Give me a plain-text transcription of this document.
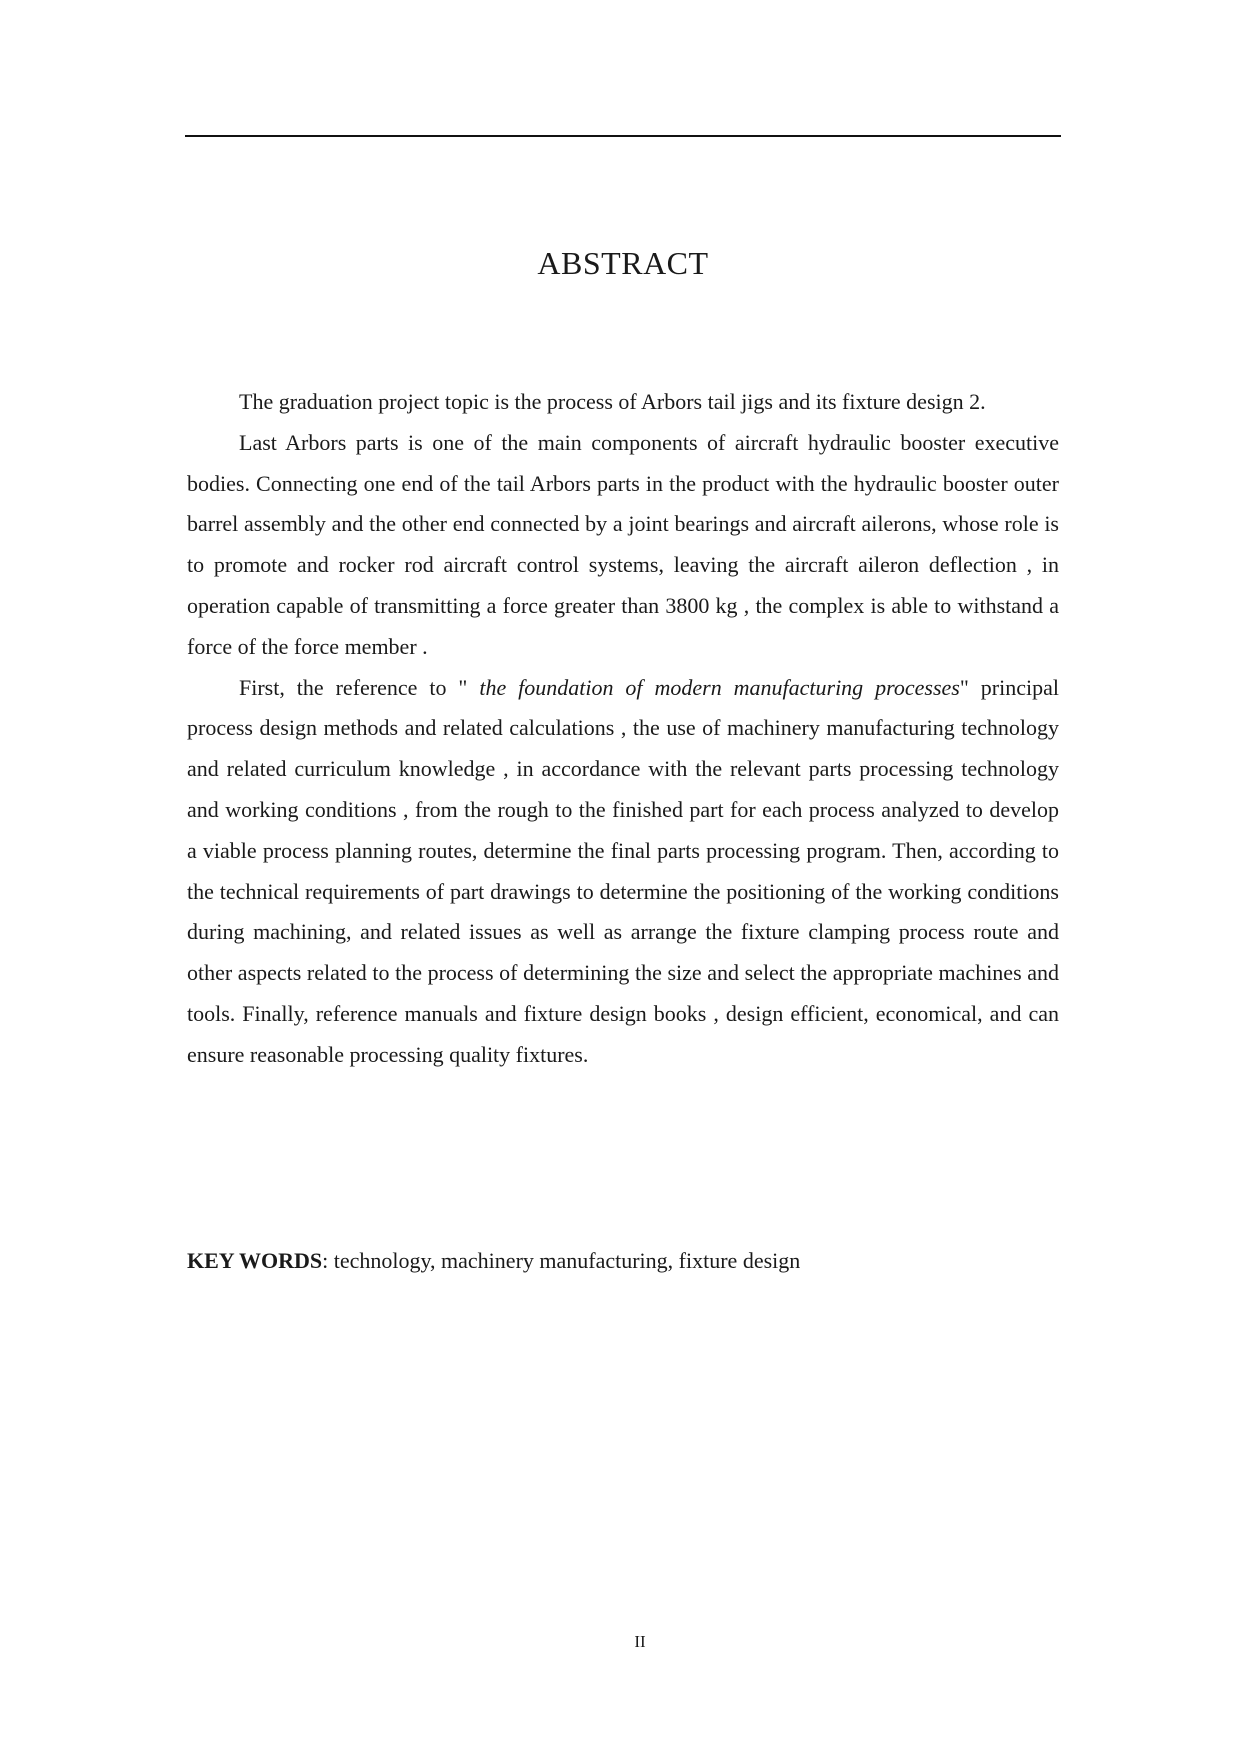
ABSTRACT

The graduation project topic is the process of Arbors tail jigs and its fixture design 2.

Last Arbors parts is one of the main components of aircraft hydraulic booster executive bodies. Connecting one end of the tail Arbors parts in the product with the hydraulic booster outer barrel assembly and the other end connected by a joint bearings and aircraft ailerons, whose role is to promote and rocker rod aircraft control systems, leaving the aircraft aileron deflection , in operation capable of transmitting a force greater than 3800 kg , the complex is able to withstand a force of the force member .

First, the reference to " the foundation of modern manufacturing processes" principal process design methods and related calculations , the use of machinery manufacturing technology and related curriculum knowledge , in accordance with the relevant parts processing technology and working conditions , from the rough to the finished part for each process analyzed to develop a viable process planning routes, determine the final parts processing program. Then, according to the technical requirements of part drawings to determine the positioning of the working conditions during machining, and related issues as well as arrange the fixture clamping process route and other aspects related to the process of determining the size and select the appropriate machines and tools. Finally, reference manuals and fixture design books , design efficient, economical, and can ensure reasonable processing quality fixtures.

KEY WORDS: technology, machinery manufacturing, fixture design
II
